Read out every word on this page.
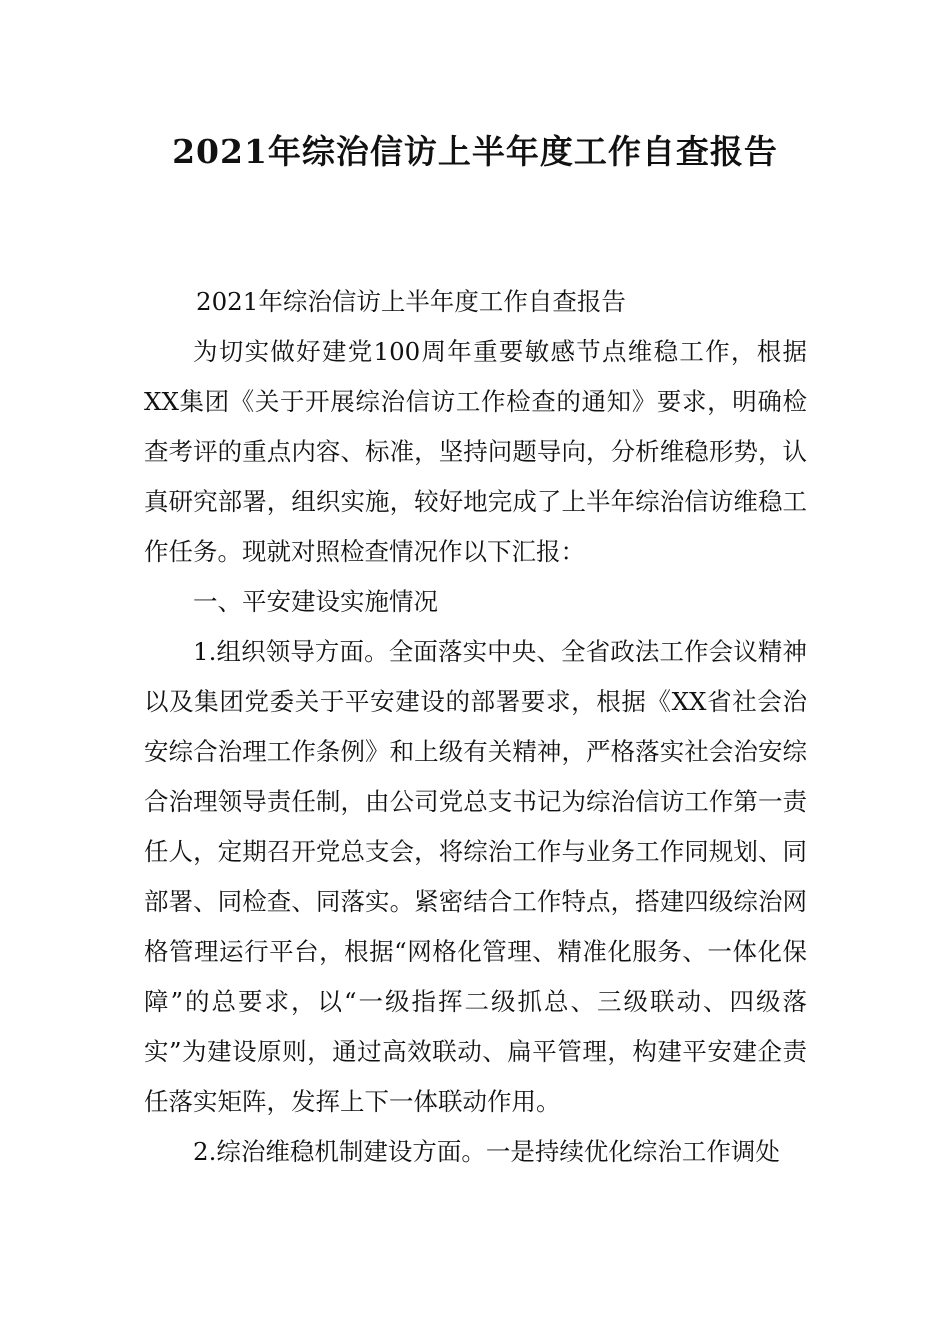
2021年综治信访上半年度工作自查报告

2021年综治信访上半年度工作自查报告

为切实做好建党100周年重要敏感节点维稳工作，根据XX集团《关于开展综治信访工作检查的通知》要求，明确检查考评的重点内容、标准，坚持问题导向，分析维稳形势，认真研究部署，组织实施，较好地完成了上半年综治信访维稳工作任务。现就对照检查情况作以下汇报：

一、平安建设实施情况

1.组织领导方面。全面落实中央、全省政法工作会议精神以及集团党委关于平安建设的部署要求，根据《XX省社会治安综合治理工作条例》和上级有关精神，严格落实社会治安综合治理领导责任制，由公司党总支书记为综治信访工作第一责任人，定期召开党总支会，将综治工作与业务工作同规划、同部署、同检查、同落实。紧密结合工作特点，搭建四级综治网格管理运行平台，根据“网格化管理、精准化服务、一体化保障”的总要求，以“一级指挥二级抓总、三级联动、四级落实”为建设原则，通过高效联动、扁平管理，构建平安建企责任落实矩阵，发挥上下一体联动作用。

2.综治维稳机制建设方面。一是持续优化综治工作调处
